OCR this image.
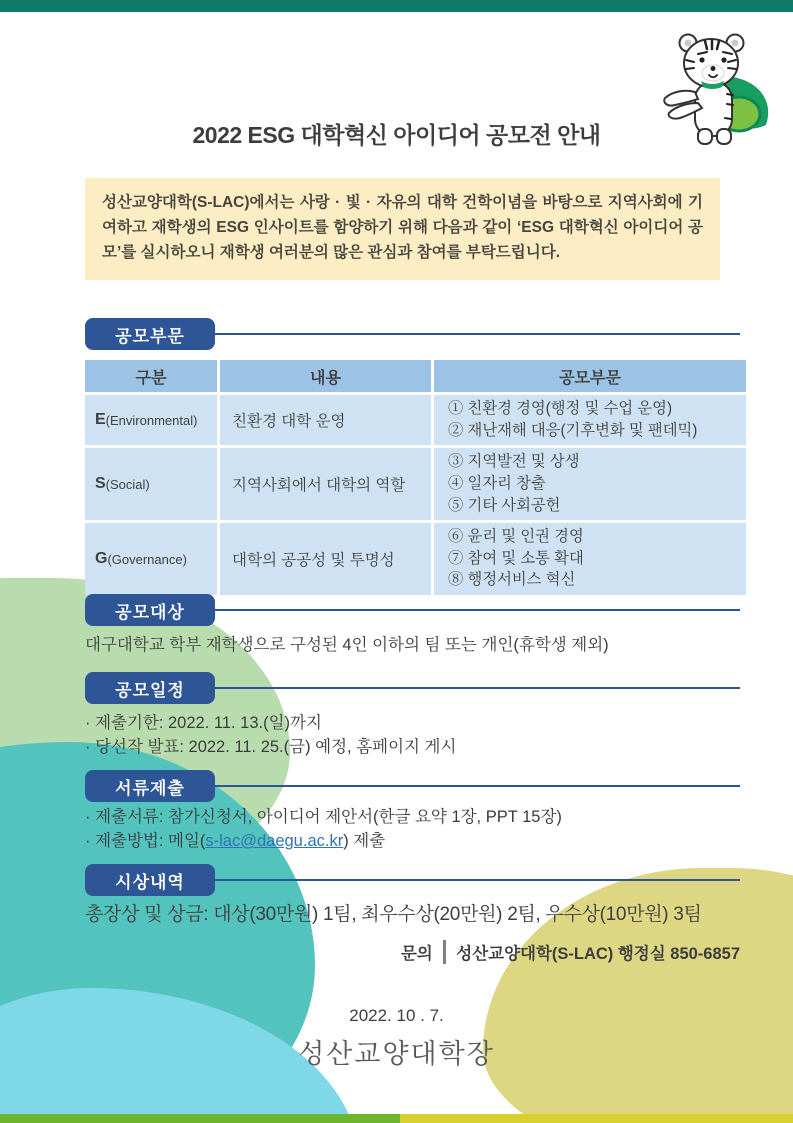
2022 ESG 대학혁신 아이디어 공모전 안내
성산교양대학(S-LAC)에서는 사랑 · 빛 · 자유의 대학 건학이념을 바탕으로 지역사회에 기여하고 재학생의 ESG 인사이트를 함양하기 위해 다음과 같이 ‘ESG 대학혁신 아이디어 공모’를 실시하오니 재학생 여러분의 많은 관심과 참여를 부탁드립니다.
공모부문
구분	내용	공모부문
E (Environmental)	친환경 대학 운영
① 친환경 경영(행정 및 수업 운영)
② 재난재해 대응(기후변화 및 팬데믹)
S (Social)	지역사회에서 대학의 역할
③ 지역발전 및 상생
④ 일자리 창출
⑤ 기타 사회공헌
G (Governance)	대학의 공공성 및 투명성
⑥ 윤리 및 인권 경영
⑦ 참여 및 소통 확대
⑧ 행정서비스 혁신
공모대상
대구대학교 학부 재학생으로 구성된 4인 이하의 팀 또는 개인(휴학생 제외)
공모일정
· 제출기한: 2022. 11. 13.(일)까지
· 당선작 발표: 2022. 11. 25.(금) 예정, 홈페이지 게시
서류제출
· 제출서류: 참가신청서, 아이디어 제안서(한글 요약 1장, PPT 15장)
· 제출방법: 메일(s-lac@daegu.ac.kr) 제출
시상내역
총장상 및 상금: 대상(30만원) 1팀, 최우수상(20만원) 2팀, 우수상(10만원) 3팀
문의 성산교양대학(S-LAC) 행정실 850-6857
2022. 10 . 7.
성산교양대학장
